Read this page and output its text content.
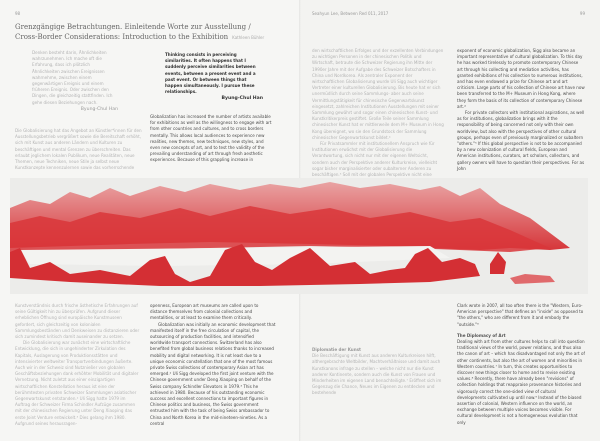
98
Grenzgängige Betrachtungen. Einleitende Worte zur Ausstellung /
Cross-Border Considerations: Introduction to the Exhibition Kathleen Bühler
Denken besteht darin, Ähnlichkeiten wahrzunehmen. Ich mache oft die Erfahrung, dass ich plötzlich Ähnlichkeiten zwischen Ereignissen wahrnehme, zwischen einem gegenwärtigen Ereignis und einem früheren Ereignis. Oder zwischen den Dingen, die gleichzeitig stattfinden. Ich gehe diesen Beziehungen nach.
Byung-Chul Han
Thinking consists in perceiving similarities. It often happens that I suddenly perceive similarities between events, between a present event and a past event. Or between things that happen simultaneously. I pursue these relationships.
Byung-Chul Han
Die Globalisierung hat das Angebot an Künstler*innen für den Ausstellungsbetrieb vergrößert sowie die Bereitschaft erhöht, sich mit Kunst aus anderen Ländern und Kulturen zu beschäftigen und mental Grenzen zu überschreiten. Das erlaubt jeglichem lokalen Publikum, neue Realitäten, neue Themen, neue Techniken, neue Stile ja selbst neue Kunstkonzepte kennenzulernen sowie das vorherrschende
Globalization has increased the number of artists available for exhibitions as well as the willingness to engage with art from other countries and cultures, and to cross borders mentally. This allows local audiences to experience new realities, new themes, new techniques, new styles, and even new concepts of art, and to test the validity of the prevailing understanding of art through fresh aesthetic experiences. Because of this grappling increase in

Kunstverständnis durch frische ästhetische Erfahrungen auf seine Gültigkeit hin zu überprüfen. Aufgrund dieser erheblichen Öffnung sind europäische Kunstmuseen gefordert, sich gleichzeitig von kolonialen Sammlungsbeständen und Denkweisen zu distanzieren oder sich zumindest kritisch damit auseinander zu setzen.

Die Globalisierung war zunächst eine wirtschaftliche Entwicklung, die sich in ungehinderter Zirkulation des Kapitals, Auslagerung von Produktionsstätten und intensivierter weltweiter Transportverbindungen äußerte. Auch wir in der Schweiz sind Nutznießer von globalen Geschäftsbeziehungen dank erhöhter Mobilität und digitaler Vernetzung. Nicht zuletzt aus einer einzigartigen wirtschaftlichen Konstellation heraus ist eine der berühmtesten privaten Schweizer Sammlungen asiatischer Gegenwartskunst entstanden.² Uli Sigg hatte 1979 im Auftrag der Schweizer Firma Schindler Aufzüge zusammen mit der chinesischen Regierung unter Deng Xiaoping das erste Joint Venture entwickelt.³ Dies gelang ihm 1980. Aufgrund seines herausragen-

openness, European art museums are called upon to distance themselves from colonial collections and mentalities, or at least to examine them critically.

Globalization was initially an economic development that manifested itself in the free circulation of capital, the outsourcing of production facilities, and intensified worldwide transport connections. Switzerland has also benefited from global business relations thanks to increased mobility and digital networking. It is not least due to a unique economic constellation that one of the most famous private Swiss collections of contemporary Asian art has emerged.² Uli Sigg developed the first joint venture with the Chinese government under Deng Xiaoping on behalf of the Swiss company Schindler Elevators in 1979.³ This he achieved in 1980. Because of his outstanding economic success and excellent connections to important figures in Chinese politics and business, the Swiss government entrusted him with the task of being Swiss ambassador to China and North Korea in the mid-nineteen-nineties. As a central

Seahyun Lee, Between Red 011, 2017	99

den wirtschaftlichen Erfolges und der exzellenten Verbindungen zu wichtigen Personen in der chinesischen Politik und Wirtschaft, betraute die Schweizer Regierung ihn Mitte der 1990er Jahre mit der Aufgabe des Schweizer Botschafters in China und Nordkorea. Als zentraler Exponent der wirtschaftlichen Globalisierung wurde Uli Sigg auch wichtiger Vertreter einer kulturellen Globalisierung. Bis heute hat er sich unermüdlich durch seine Sammlungs- aber auch seine Vermittlungstätigkeit für chinesische Gegenwartskunst eingesetzt, zahlreichen Institutionen Ausstellungen mit seiner Sammlung gewährt und sogar einen chinesischen Kunst- und Kunstkritikerpreis gestiftet. Große Teile seiner Sammlung chinesischer Kunst hat er mittlerweile dem M+ Museum in Hong Kong übereignet, wo sie den Grundstock der Sammlung chinesischer Gegenwartskunst bildet.⁴

Für Privatsammler mit institutionellem Anspruch wie für Institutionen erwächst mit der Globalisierung die Verantwortung, sich nicht nur mit der eigenen Weltsicht, sondern auch der Perspektive anderer Kulturkreise, vielleicht sogar bisher marginalisierter oder subalterner Anderen zu beschäftigen.⁵ Soll mit der globalen Perspektive nicht eine

exponent of economic globalization, Sigg also became an important representative of cultural globalization. To this day he has worked tirelessly to promote contemporary Chinese art through his collecting and mediation activities, has granted exhibitions of his collection to numerous institutions, and has even endowed a prize for Chinese art and art criticism. Large parts of his collection of Chinese art have now been transferred to the M+ Museum in Hong Kong, where they form the basis of its collection of contemporary Chinese art.⁴

For private collectors with institutional aspirations, as well as for institutions, globalization brings with it the responsibility of being concerned not only with their own worldview, but also with the perspectives of other cultural groups, perhaps even of previously marginalized or subaltern "others."⁵ If this global perspective is not to be accompanied by a new colonization of cultural fields, European and American institutions, curators, art scholars, collectors, and gallery owners will have to question their perspectives. For as John

Diplomatie der Kunst
Die Beschäftigung mit Kunst aus anderen Kulturkreisen hilft, althergebrachte Weltbilder, Machtverhältnisse und damit auch Kunstkanons infrage zu stellen – welche nicht nur die Kunst anderer Kontinente, sondern auch die Kunst von Frauen und Minderheiten im eigenen Land benachteiligte.⁷ Eröffnet sich im Gegenzug die Chance, Neues im Eigenen zu entdecken und bestehende
Clark wrote in 2007, all too often there is the "Western, Euro-American perspective" that defines an "inside" as opposed to "the others," who are different from it and embody the "outside."⁶
The Diplomacy of Art
Dealing with art from other cultures helps to call into question traditional views of the world, power relations, and thus also the canon of art – which has disadvantaged not only the art of other continents, but also the art of women and minorities in Western countries.⁷ In turn, this creates opportunities to discover new things closer to home and to revise existing values.⁸ Recently, there have already been "revisions" of collection holdings that reappraise provenance histories and vigorously correct the one-sided view of cultural developments cultivated up until now.⁹ Instead of the biased assertion of colonial, Western influence on the world, an exchange between multiple voices becomes visible. For cultural development is not a homogeneous evolution that only
